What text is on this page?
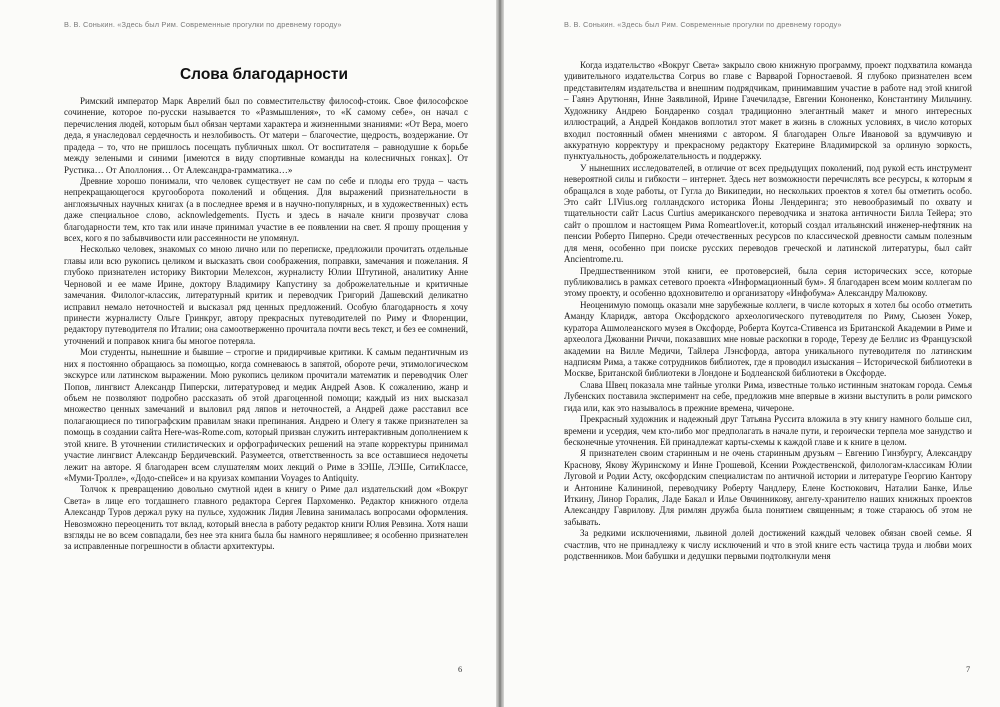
В. В. Сонькин. «Здесь был Рим. Современные прогулки по древнему городу»
Слова благодарности

Римский император Марк Аврелий был по совместительству философ-стоик. Свое философское сочинение, которое по-русски называется то «Размышления», то «К самому себе», он начал с перечисления людей, которым был обязан чертами характера и жизненными знаниями: «От Вера, моего деда, я унаследовал сердечность и незлобивость. От матери – благочестие, щедрость, воздержание. От прадеда – то, что не пришлось посещать публичных школ. От воспитателя – равнодушие к борьбе между зелеными и синими [имеются в виду спортивные команды на колесничных гонках]. От Рустика… От Аполлония… От Александра-грамматика…»

Древние хорошо понимали, что человек существует не сам по себе и плоды его труда – часть непрекращающегося кругооборота поколений и общения. Для выражений признательности в англоязычных научных книгах (а в последнее время и в научно-популярных, и в художественных) есть даже специальное слово, acknowledgements. Пусть и здесь в начале книги прозвучат слова благодарности тем, кто так или иначе принимал участие в ее появлении на свет. Я прошу прощения у всех, кого я по забывчивости или рассеянности не упомянул.

Несколько человек, знакомых со мною лично или по переписке, предложили прочитать отдельные главы или всю рукопись целиком и высказать свои соображения, поправки, замечания и пожелания. Я глубоко признателен историку Виктории Мелехсон, журналисту Юлии Штутиной, аналитику Анне Черновой и ее маме Ирине, доктору Владимиру Капустину за доброжелательные и критичные замечания. Филолог-классик, литературный критик и переводчик Григорий Дашевский деликатно исправил немало неточностей и высказал ряд ценных предложений. Особую благодарность я хочу принести журналисту Ольге Гринкруг, автору прекрасных путеводителей по Риму и Флоренции, редактору путеводителя по Италии; она самоотверженно прочитала почти весь текст, и без ее сомнений, уточнений и поправок книга бы многое потеряла.

Мои студенты, нынешние и бывшие – строгие и придирчивые критики. К самым педантичным из них я постоянно обращаюсь за помощью, когда сомневаюсь в запятой, обороте речи, этимологическом экскурсе или латинском выражении. Мою рукопись целиком прочитали математик и переводчик Олег Попов, лингвист Александр Пиперски, литературовед и медик Андрей Азов. К сожалению, жанр и объем не позволяют подробно рассказать об этой драгоценной помощи; каждый из них высказал множество ценных замечаний и выловил ряд ляпов и неточностей, а Андрей даже расставил все полагающиеся по типографским правилам знаки препинания. Андрею и Олегу я также признателен за помощь в создании сайта Here-was-Rome.com, который призван служить интерактивным дополнением к этой книге. В уточнении стилистических и орфографических решений на этапе корректуры принимал участие лингвист Александр Бердичевский. Разумеется, ответственность за все оставшиеся недочеты лежит на авторе. Я благодарен всем слушателям моих лекций о Риме в ЗЭШе, ЛЭШе, СитиКлассе, «Муми-Тролле», «Додо-спейсе» и на круизах компании Voyages to Antiquity.

Толчок к превращению довольно смутной идеи в книгу о Риме дал издательский дом «Вокруг Света» в лице его тогдашнего главного редактора Сергея Пархоменко. Редактор книжного отдела Александр Туров держал руку на пульсе, художник Лидия Левина занималась вопросами оформления. Невозможно переоценить тот вклад, который внесла в работу редактор книги Юлия Ревзина. Хотя наши взгляды не во всем совпадали, без нее эта книга была бы намного неряшливее; я особенно признателен за исправленные погрешности в области архитектуры.

6
В. В. Сонькин. «Здесь был Рим. Современные прогулки по древнему городу»

Когда издательство «Вокруг Света» закрыло свою книжную программу, проект подхватила команда удивительного издательства Corpus во главе с Варварой Горностаевой. Я глубоко признателен всем представителям издательства и внешним подрядчикам, принимавшим участие в работе над этой книгой – Гаянэ Арутюнян, Инне Заявлиной, Ирине Гачечиладзе, Евгении Кононенко, Константину Мильчину. Художнику Андрею Бондаренко создал традиционно элегантный макет и много интересных иллюстраций, а Андрей Кондаков воплотил этот макет в жизнь в сложных условиях, в число которых входил постоянный обмен мнениями с автором. Я благодарен Ольге Ивановой за вдумчивую и аккуратную корректуру и прекрасному редактору Екатерине Владимирской за орлиную зоркость, пунктуальность, доброжелательность и поддержку.

У нынешних исследователей, в отличие от всех предыдущих поколений, под рукой есть инструмент невероятной силы и гибкости – интернет. Здесь нет возможности перечислять все ресурсы, к которым я обращался в ходе работы, от Гугла до Википедии, но нескольких проектов я хотел бы отметить особо. Это сайт LIVius.org голландского историка Йоны Лендеринга; это невообразимый по охвату и тщательности сайт Lacus Curtius американского переводчика и знатока античности Билла Тейера; это сайт о прошлом и настоящем Рима Romeartlover.it, который создал итальянский инженер-нефтяник на пенсии Роберто Пиперно. Среди отечественных ресурсов по классической древности самым полезным для меня, особенно при поиске русских переводов греческой и латинской литературы, был сайт Ancientrome.ru.

Предшественником этой книги, ее протоверсией, была серия исторических эссе, которые публиковались в рамках сетевого проекта «Информационный бум». Я благодарен всем моим коллегам по этому проекту, и особенно вдохновителю и организатору «Инфобума» Александру Малюкову.

Неоценимую помощь оказали мне зарубежные коллеги, в числе которых я хотел бы особо отметить Аманду Кларидж, автора Оксфордского археологического путеводителя по Риму, Сьюзен Уокер, куратора Ашмолеанского музея в Оксфорде, Роберта Коутса-Стивенса из Британской Академии в Риме и археолога Джованни Риччи, показавших мне новые раскопки в городе, Терезу де Беллис из Французской академии на Вилле Медичи, Тайлера Лэнсфорда, автора уникального путеводителя по латинским надписям Рима, а также сотрудников библиотек, где я проводил изыскания – Исторической библиотеки в Москве, Британской библиотеки в Лондоне и Бодлеанской библиотеки в Оксфорде.

Слава Швец показала мне тайные уголки Рима, известные только истинным знатокам города. Семья Лубенских поставила эксперимент на себе, предложив мне впервые в жизни выступить в роли римского гида или, как это называлось в прежние времена, чичероне.

Прекрасный художник и надежный друг Татьяна Руссита вложила в эту книгу намного больше сил, времени и усердия, чем кто-либо мог предполагать в начале пути, и героически терпела мое занудство и бесконечные уточнения. Ей принадлежат карты-схемы к каждой главе и к книге в целом.

Я признателен своим старинным и не очень старинным друзьям – Евгению Гинзбургу, Александру Краснову, Якову Журинскому и Инне Грошевой, Ксении Рождественской, филологам-классикам Юлии Луговой и Родии Асту, оксфордским специалистам по античной истории и литературе Георгию Кантору и Антонине Калининой, переводчику Роберту Чандлеру, Елене Костюкович, Наталии Банке, Илье Иткину, Линор Горалик, Ладе Бакал и Илье Овчинникову, ангелу-хранителю наших книжных проектов Александру Гаврилову. Для римлян дружба была понятием священным; я тоже стараюсь об этом не забывать.

За редкими исключениями, львиной долей достижений каждый человек обязан своей семье. Я счастлив, что не принадлежу к числу исключений и что в этой книге есть частица труда и любви моих родственников. Мои бабушки и дедушки первыми подтолкнули меня

7
